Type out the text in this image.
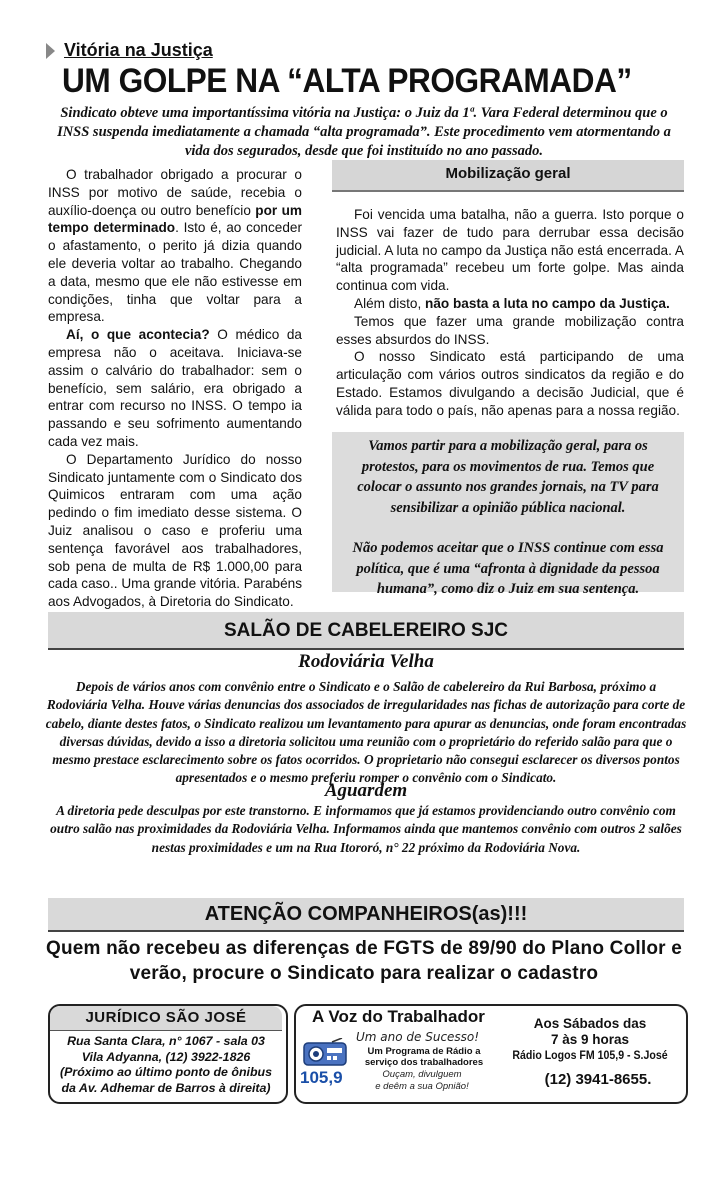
Vitória na Justiça
UM GOLPE NA “ALTA PROGRAMADA”
Sindicato obteve uma importantíssima vitória na Justiça: o Juiz da 1ª. Vara Federal determinou que o INSS suspenda imediatamente a chamada “alta programada”. Este procedimento vem atormentando a vida dos segurados, desde que foi instituído no ano passado.

O trabalhador obrigado a procurar o INSS por motivo de saúde, recebia o auxílio-doença ou outro benefício por um tempo determinado. Isto é, ao conceder o afastamento, o perito já dizia quando ele deveria voltar ao trabalho. Chegando a data, mesmo que ele não estivesse em condições, tinha que voltar para a empresa.

Aí, o que acontecia? O médico da empresa não o aceitava. Iniciava-se assim o calvário do trabalhador: sem o benefício, sem salário, era obrigado a entrar com recurso no INSS. O tempo ia passando e seu sofrimento aumentando cada vez mais.

O Departamento Jurídico do nosso Sindicato juntamente com o Sindicato dos Quimicos entraram com uma ação pedindo o fim imediato desse sistema. O Juiz analisou o caso e proferiu uma sentença favorável aos trabalhadores, sob pena de multa de R$ 1.000,00 para cada caso.. Uma grande vitória. Parabéns aos Advogados, à Diretoria do Sindicato.

Mobilização geral

Foi vencida uma batalha, não a guerra. Isto porque o INSS vai fazer de tudo para derrubar essa decisão judicial. A luta no campo da Justiça não está encerrada. A “alta programada” recebeu um forte golpe. Mas ainda continua com vida.

Além disto, não basta a luta no campo da Justiça.

Temos que fazer uma grande mobilização contra esses absurdos do INSS.

O nosso Sindicato está participando de uma articulação com vários outros sindicatos da região e do Estado. Estamos divulgando a decisão Judicial, que é válida para todo o país, não apenas para a nossa região.

Vamos partir para a mobilização geral, para os protestos, para os movimentos de rua. Temos que colocar o assunto nos grandes jornais, na TV para sensibilizar a opinião pública nacional.
Não podemos aceitar que o INSS continue com essa política, que é uma “afronta à dignidade da pessoa humana”, como diz o Juiz em sua sentença.
SALÃO DE CABELEREIRO SJC
Rodoviária Velha
Depois de vários anos com convênio entre o Sindicato e o Salão de cabelereiro da Rui Barbosa, próximo a Rodoviária Velha. Houve várias denuncias dos associados de irregularidades nas fichas de autorização para corte de cabelo, diante destes fatos, o Sindicato realizou um levantamento para apurar as denuncias, onde foram encontradas diversas dúvidas, devido a isso a diretoria solicitou uma reunião com o proprietário do referido salão para que o mesmo prestace esclarecimento sobre os fatos ocorridos. O proprietario não consegui esclarecer os diversos pontos apresentados e o mesmo preferiu romper o convênio com o Sindicato.
Aguardem
A diretoria pede desculpas por este transtorno. E informamos que já estamos providenciando outro convênio com outro salão nas proximidades da Rodoviária Velha. Informamos ainda que mantemos convênio com outros 2 salões nestas proximidades e um na Rua Itororó, n° 22 próximo da Rodoviária Nova.
ATENÇÃO COMPANHEIROS(as)!!!
Quem não recebeu as diferenças de FGTS de 89/90 do Plano Collor e verão, procure o Sindicato para realizar o cadastro
JURÍDICO SÃO JOSÉ
Rua Santa Clara, n° 1067 - sala 03
Vila Adyanna, (12) 3922-1826
(Próximo ao último ponto de ônibus
da Av. Adhemar de Barros à direita)
A Voz do Trabalhador
Um ano de Sucesso!
105,9
Um Programa de Rádio a serviço dos trabalhadores
Ouçam, divulguem
e deêm a sua Opnião!
Aos Sábados das
7 às 9 horas
Rádio Logos FM 105,9 - S.José
(12) 3941-8655.
